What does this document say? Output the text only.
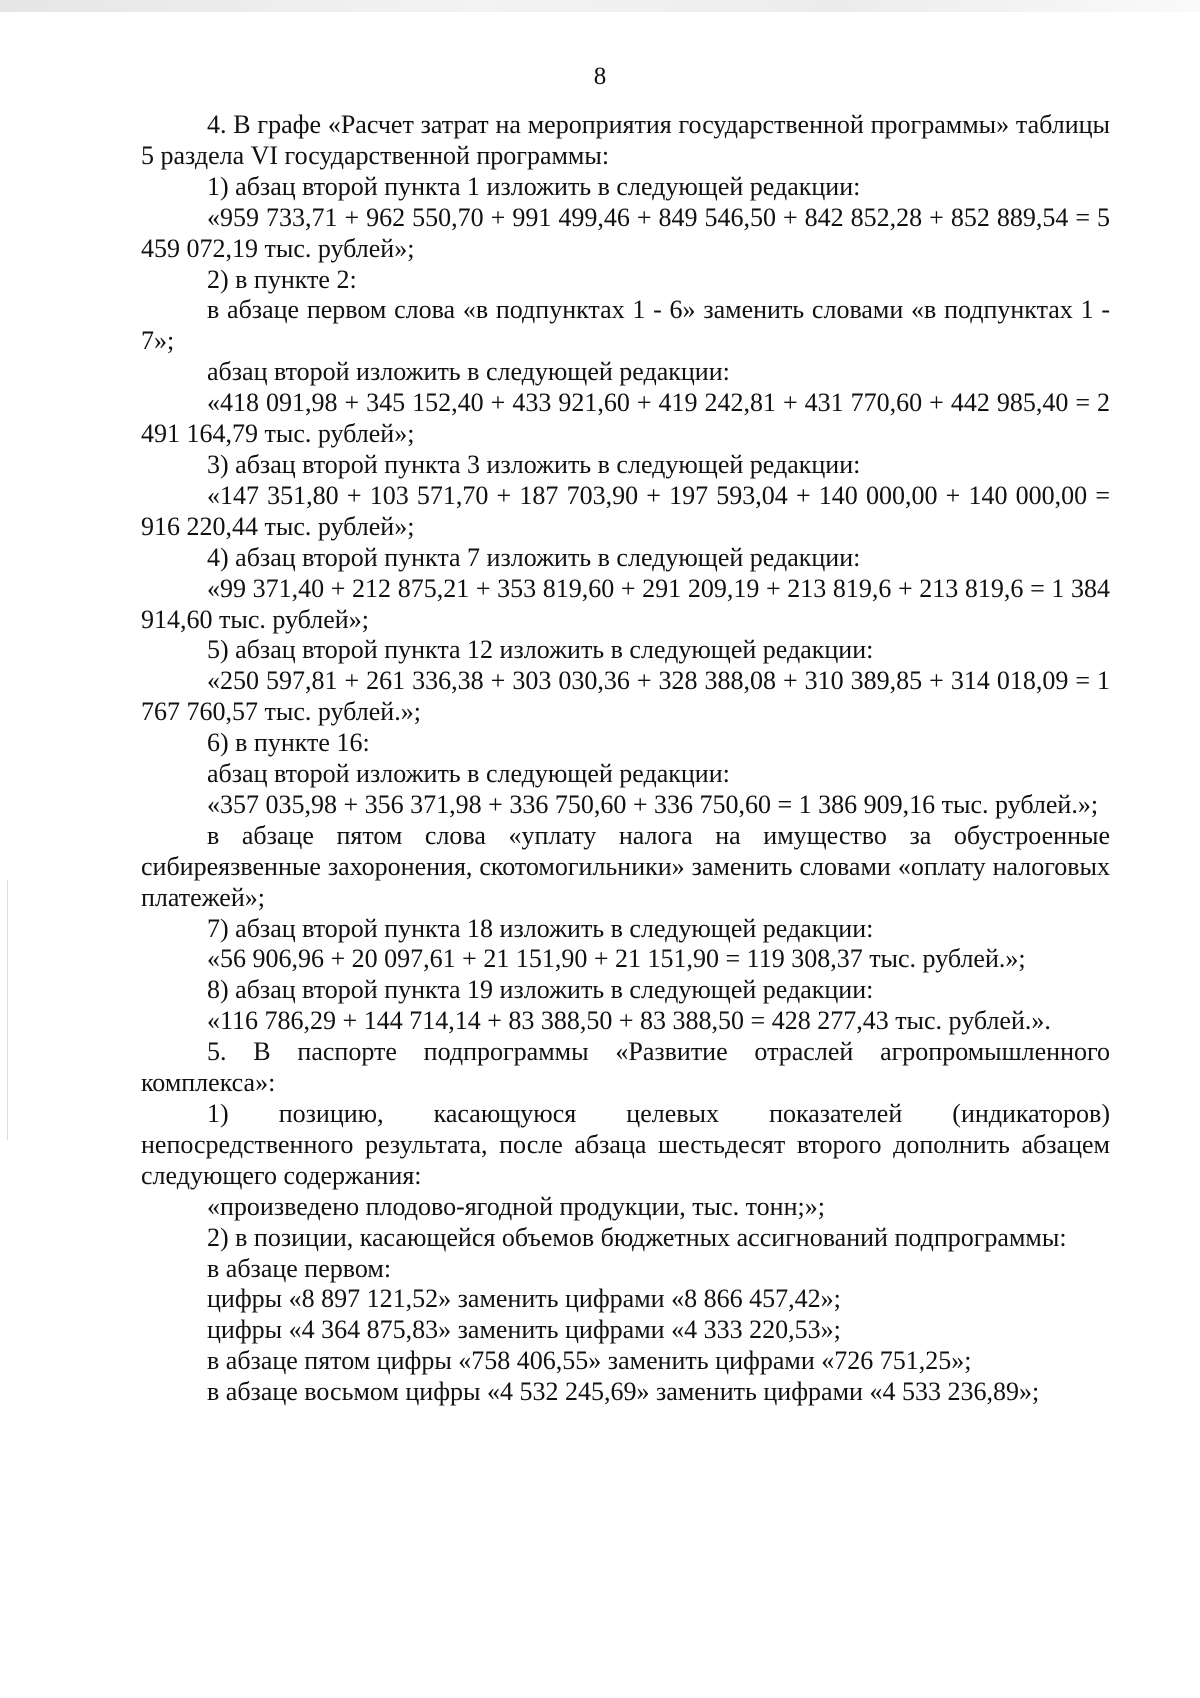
8

4. В графе «Расчет затрат на мероприятия государственной программы» таблицы 5 раздела VI государственной программы:

1) абзац второй пункта 1 изложить в следующей редакции:

«959 733,71 + 962 550,70 + 991 499,46 + 849 546,50 + 842 852,28 + 852 889,54 = 5 459 072,19 тыс. рублей»;

2) в пункте 2:

в абзаце первом слова «в подпунктах 1 - 6» заменить словами «в подпунктах 1 - 7»;

абзац второй изложить в следующей редакции:

«418 091,98 + 345 152,40 + 433 921,60 + 419 242,81 + 431 770,60 + 442 985,40 = 2 491 164,79 тыс. рублей»;

3) абзац второй пункта 3 изложить в следующей редакции:

«147 351,80 + 103 571,70 + 187 703,90 + 197 593,04 + 140 000,00 + 140 000,00 = 916 220,44 тыс. рублей»;

4) абзац второй пункта 7 изложить в следующей редакции:

«99 371,40 + 212 875,21 + 353 819,60 + 291 209,19 + 213 819,6 + 213 819,6 = 1 384 914,60 тыс. рублей»;

5) абзац второй пункта 12 изложить в следующей редакции:

«250 597,81 + 261 336,38 + 303 030,36 + 328 388,08 + 310 389,85 + 314 018,09 = 1 767 760,57 тыс. рублей.»;

6) в пункте 16:

абзац второй изложить в следующей редакции:

«357 035,98 + 356 371,98 + 336 750,60 + 336 750,60 = 1 386 909,16 тыс. рублей.»;

в абзаце пятом слова «уплату налога на имущество за обустроенные сибиреязвенные захоронения, скотомогильники» заменить словами «оплату налоговых платежей»;

7) абзац второй пункта 18 изложить в следующей редакции:

«56 906,96 + 20 097,61 + 21 151,90 + 21 151,90 = 119 308,37 тыс. рублей.»;

8) абзац второй пункта 19 изложить в следующей редакции:

«116 786,29 + 144 714,14 + 83 388,50 + 83 388,50 = 428 277,43 тыс. рублей.».

5. В паспорте подпрограммы «Развитие отраслей агропромышленного комплекса»:

1) позицию, касающуюся целевых показателей (индикаторов) непосредственного результата, после абзаца шестьдесят второго дополнить абзацем следующего содержания:

«произведено плодово-ягодной продукции, тыс. тонн;»;

2) в позиции, касающейся объемов бюджетных ассигнований подпрограммы:

в абзаце первом:

цифры «8 897 121,52» заменить цифрами «8 866 457,42»;

цифры «4 364 875,83» заменить цифрами «4 333 220,53»;

в абзаце пятом цифры «758 406,55» заменить цифрами «726 751,25»;

в абзаце восьмом цифры «4 532 245,69» заменить цифрами «4 533 236,89»;
